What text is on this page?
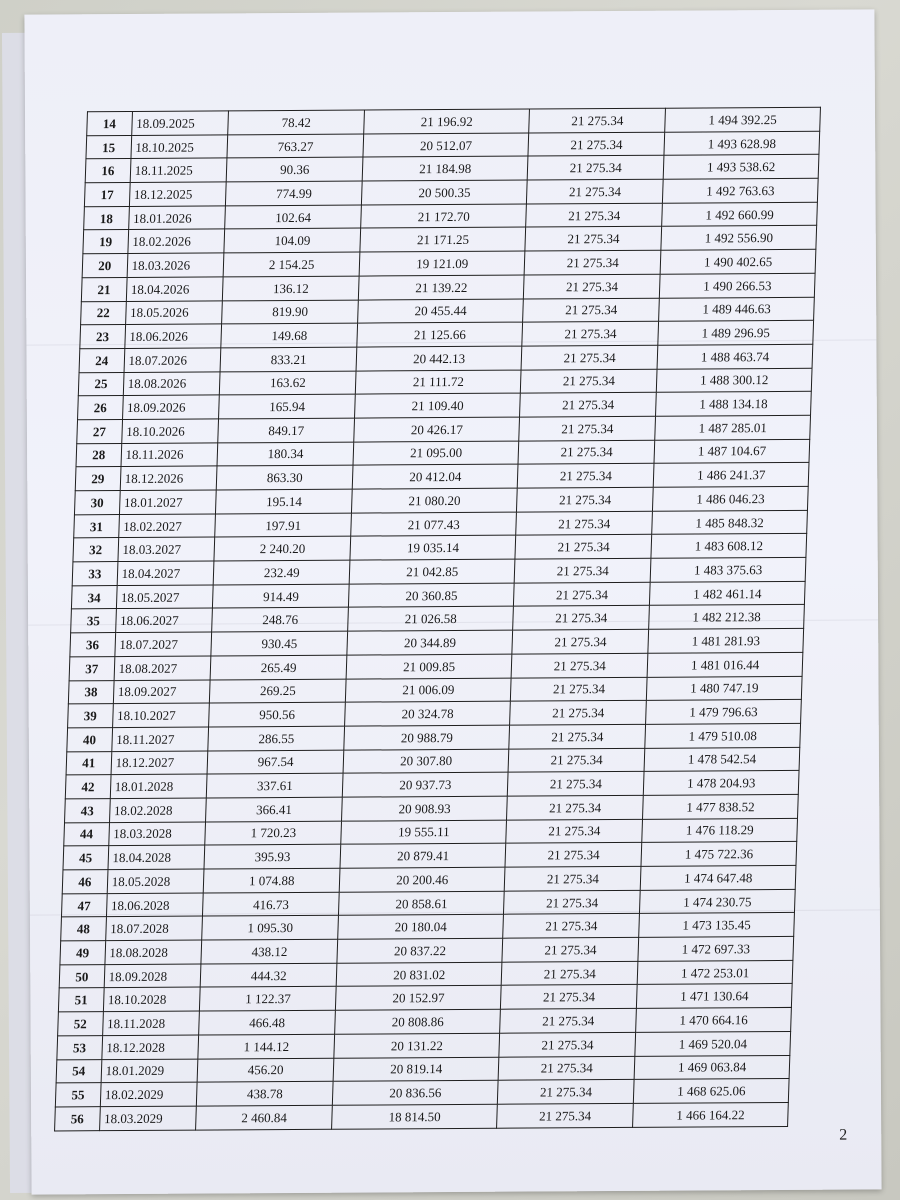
14	18.09.2025	78.42	21 196.92	21 275.34	1 494 392.25
15	18.10.2025	763.27	20 512.07	21 275.34	1 493 628.98
16	18.11.2025	90.36	21 184.98	21 275.34	1 493 538.62
17	18.12.2025	774.99	20 500.35	21 275.34	1 492 763.63
18	18.01.2026	102.64	21 172.70	21 275.34	1 492 660.99
19	18.02.2026	104.09	21 171.25	21 275.34	1 492 556.90
20	18.03.2026	2 154.25	19 121.09	21 275.34	1 490 402.65
21	18.04.2026	136.12	21 139.22	21 275.34	1 490 266.53
22	18.05.2026	819.90	20 455.44	21 275.34	1 489 446.63
23	18.06.2026	149.68	21 125.66	21 275.34	1 489 296.95
24	18.07.2026	833.21	20 442.13	21 275.34	1 488 463.74
25	18.08.2026	163.62	21 111.72	21 275.34	1 488 300.12
26	18.09.2026	165.94	21 109.40	21 275.34	1 488 134.18
27	18.10.2026	849.17	20 426.17	21 275.34	1 487 285.01
28	18.11.2026	180.34	21 095.00	21 275.34	1 487 104.67
29	18.12.2026	863.30	20 412.04	21 275.34	1 486 241.37
30	18.01.2027	195.14	21 080.20	21 275.34	1 486 046.23
31	18.02.2027	197.91	21 077.43	21 275.34	1 485 848.32
32	18.03.2027	2 240.20	19 035.14	21 275.34	1 483 608.12
33	18.04.2027	232.49	21 042.85	21 275.34	1 483 375.63
34	18.05.2027	914.49	20 360.85	21 275.34	1 482 461.14
35	18.06.2027	248.76	21 026.58	21 275.34	1 482 212.38
36	18.07.2027	930.45	20 344.89	21 275.34	1 481 281.93
37	18.08.2027	265.49	21 009.85	21 275.34	1 481 016.44
38	18.09.2027	269.25	21 006.09	21 275.34	1 480 747.19
39	18.10.2027	950.56	20 324.78	21 275.34	1 479 796.63
40	18.11.2027	286.55	20 988.79	21 275.34	1 479 510.08
41	18.12.2027	967.54	20 307.80	21 275.34	1 478 542.54
42	18.01.2028	337.61	20 937.73	21 275.34	1 478 204.93
43	18.02.2028	366.41	20 908.93	21 275.34	1 477 838.52
44	18.03.2028	1 720.23	19 555.11	21 275.34	1 476 118.29
45	18.04.2028	395.93	20 879.41	21 275.34	1 475 722.36
46	18.05.2028	1 074.88	20 200.46	21 275.34	1 474 647.48
47	18.06.2028	416.73	20 858.61	21 275.34	1 474 230.75
48	18.07.2028	1 095.30	20 180.04	21 275.34	1 473 135.45
49	18.08.2028	438.12	20 837.22	21 275.34	1 472 697.33
50	18.09.2028	444.32	20 831.02	21 275.34	1 472 253.01
51	18.10.2028	1 122.37	20 152.97	21 275.34	1 471 130.64
52	18.11.2028	466.48	20 808.86	21 275.34	1 470 664.16
53	18.12.2028	1 144.12	20 131.22	21 275.34	1 469 520.04
54	18.01.2029	456.20	20 819.14	21 275.34	1 469 063.84
55	18.02.2029	438.78	20 836.56	21 275.34	1 468 625.06
56	18.03.2029	2 460.84	18 814.50	21 275.34	1 466 164.22
2
